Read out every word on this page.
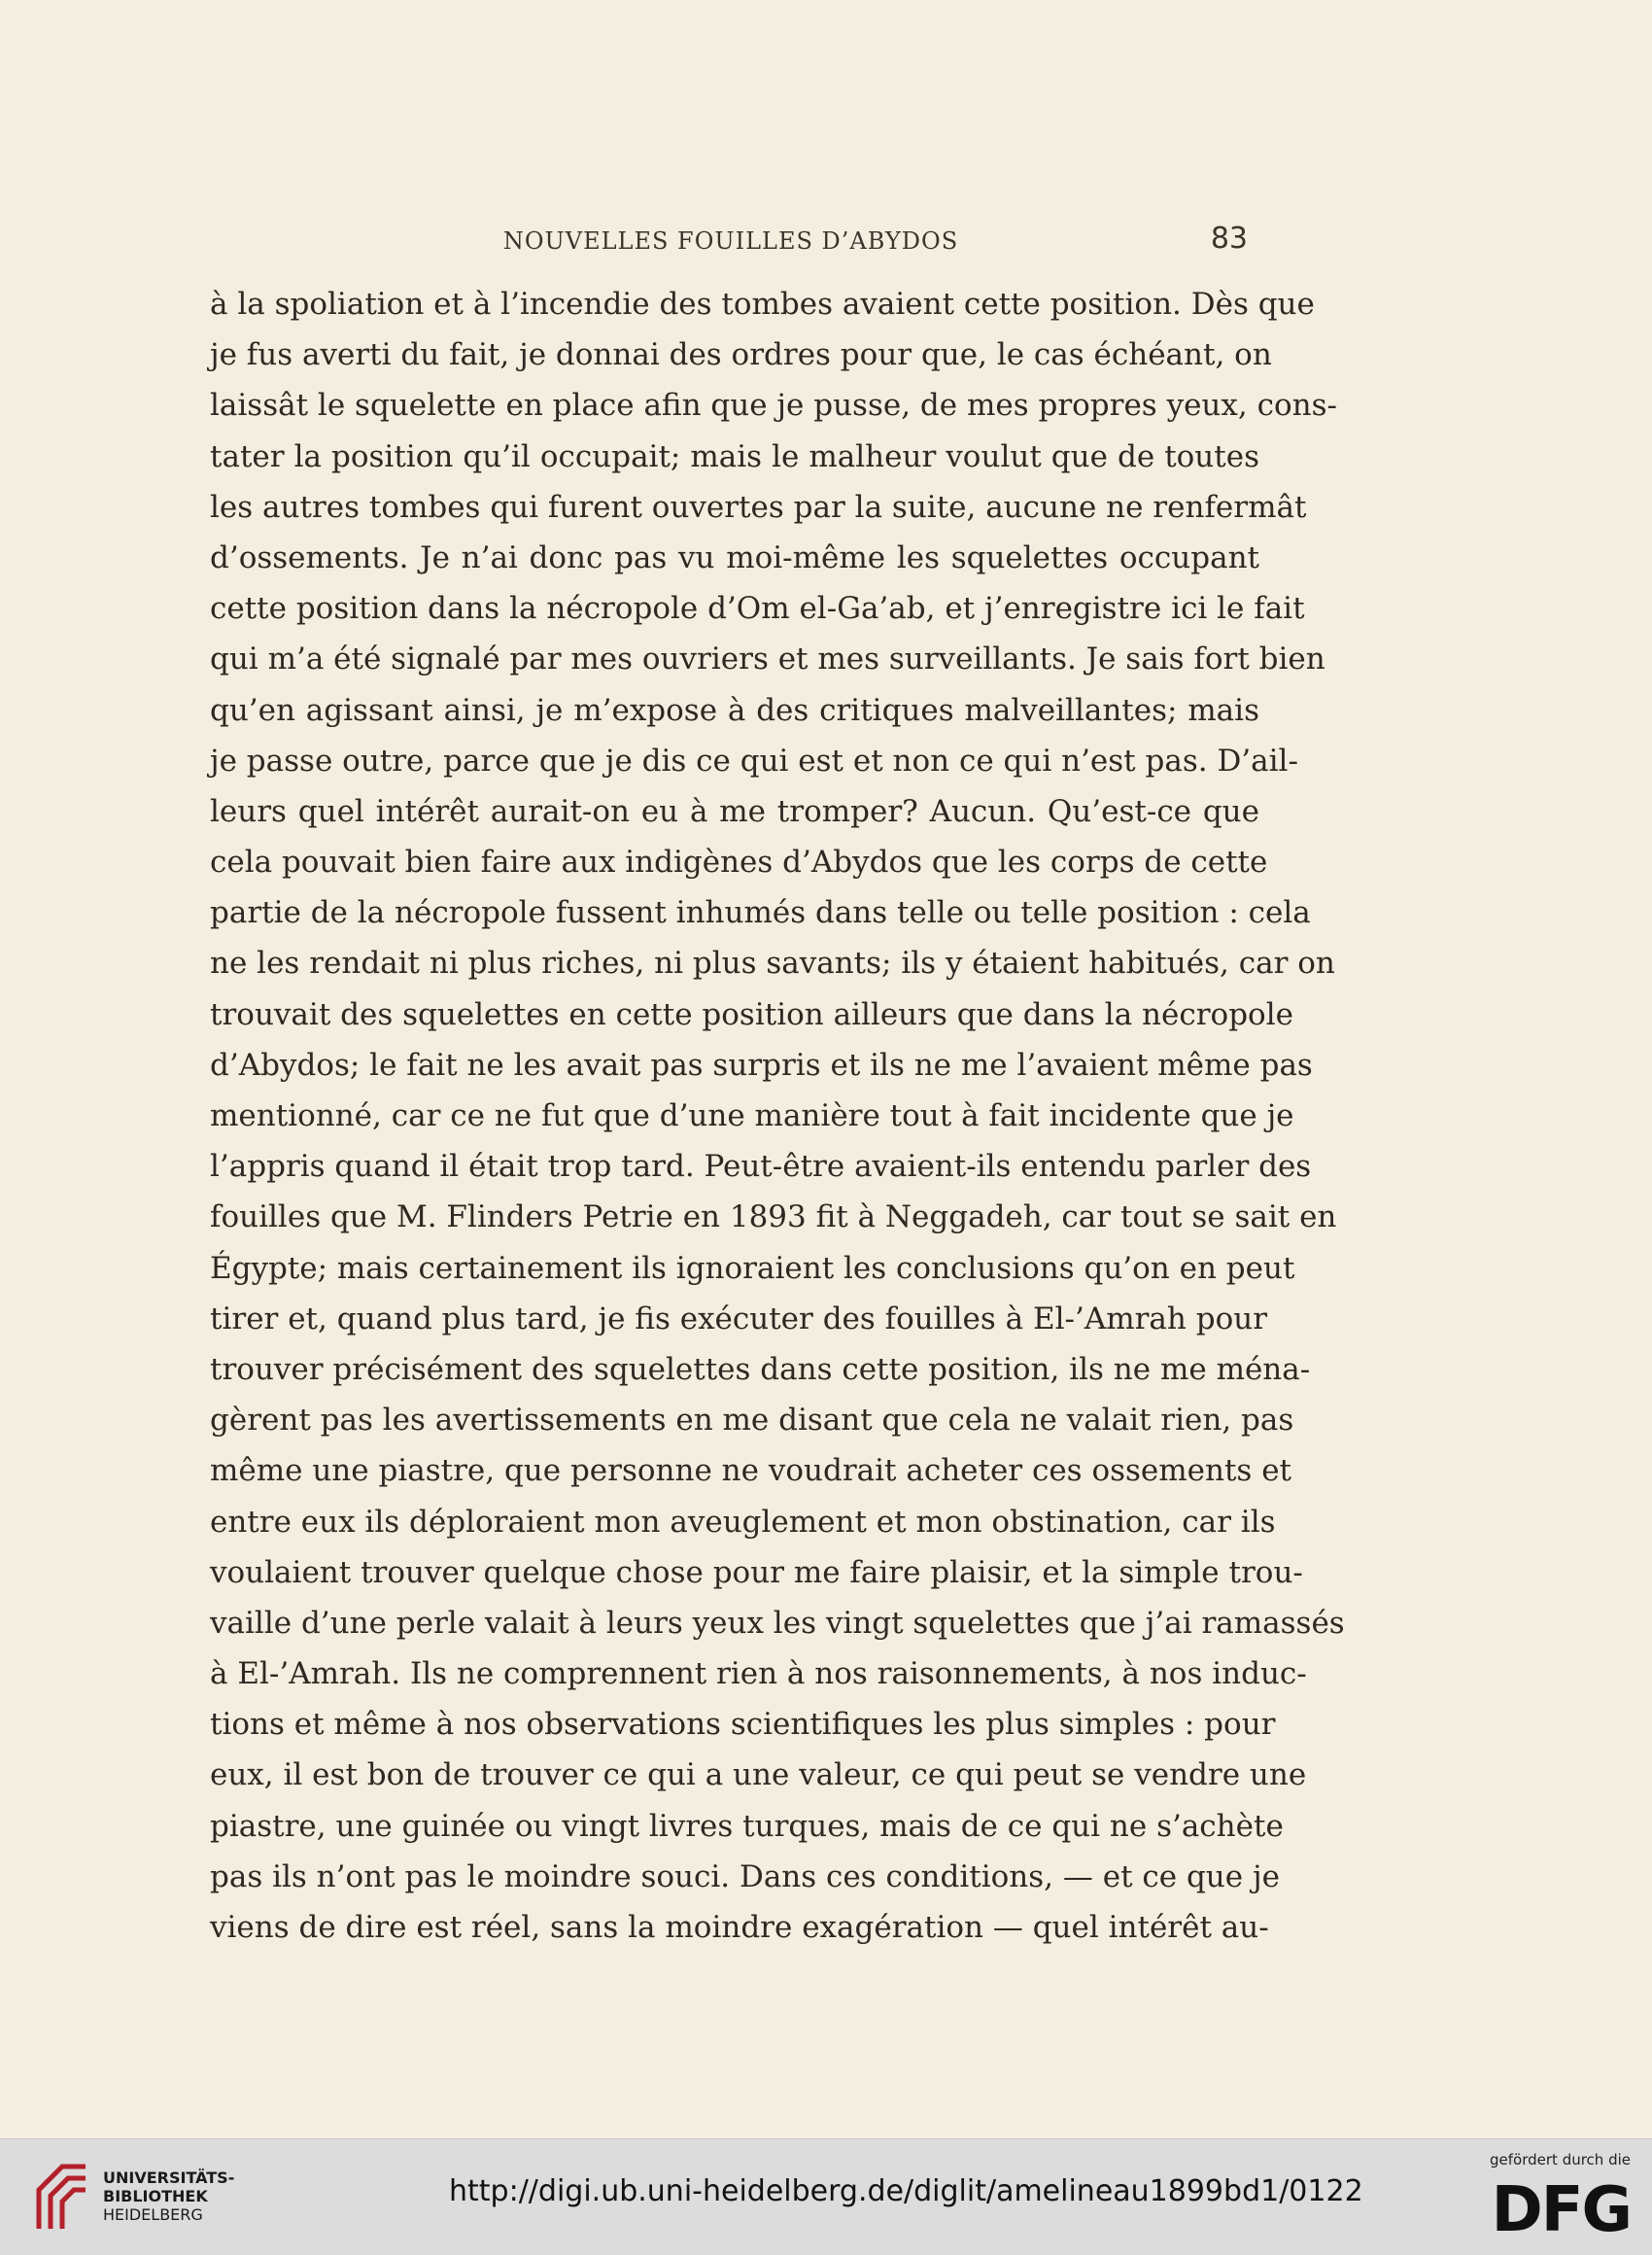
NOUVELLES FOUILLES D’ABYDOS	83
à la spoliation et à l’incendie des tombes avaient cette position. Dès que
je fus averti du fait, je donnai des ordres pour que, le cas échéant, on
laissât le squelette en place afin que je pusse, de mes propres yeux, cons-
tater la position qu’il occupait; mais le malheur voulut que de toutes
les autres tombes qui furent ouvertes par la suite, aucune ne renfermât
d’ossements. Je n’ai donc pas vu moi-même les squelettes occupant
cette position dans la nécropole d’Om el-Ga’ab, et j’enregistre ici le fait
qui m’a été signalé par mes ouvriers et mes surveillants. Je sais fort bien
qu’en agissant ainsi, je m’expose à des critiques malveillantes; mais
je passe outre, parce que je dis ce qui est et non ce qui n’est pas. D’ail-
leurs quel intérêt aurait-on eu à me tromper? Aucun. Qu’est-ce que
cela pouvait bien faire aux indigènes d’Abydos que les corps de cette
partie de la nécropole fussent inhumés dans telle ou telle position : cela
ne les rendait ni plus riches, ni plus savants; ils y étaient habitués, car on
trouvait des squelettes en cette position ailleurs que dans la nécropole
d’Abydos; le fait ne les avait pas surpris et ils ne me l’avaient même pas
mentionné, car ce ne fut que d’une manière tout à fait incidente que je
l’appris quand il était trop tard. Peut-être avaient-ils entendu parler des
fouilles que M. Flinders Petrie en 1893 fit à Neggadeh, car tout se sait en
Égypte; mais certainement ils ignoraient les conclusions qu’on en peut
tirer et, quand plus tard, je fis exécuter des fouilles à El-’Amrah pour
trouver précisément des squelettes dans cette position, ils ne me ména-
gèrent pas les avertissements en me disant que cela ne valait rien, pas
même une piastre, que personne ne voudrait acheter ces ossements et
entre eux ils déploraient mon aveuglement et mon obstination, car ils
voulaient trouver quelque chose pour me faire plaisir, et la simple trou-
vaille d’une perle valait à leurs yeux les vingt squelettes que j’ai ramassés
à El-’Amrah. Ils ne comprennent rien à nos raisonnements, à nos induc-
tions et même à nos observations scientifiques les plus simples : pour
eux, il est bon de trouver ce qui a une valeur, ce qui peut se vendre une
piastre, une guinée ou vingt livres turques, mais de ce qui ne s’achète
pas ils n’ont pas le moindre souci. Dans ces conditions, — et ce que je
viens de dire est réel, sans la moindre exagération — quel intérêt au-
UNIVERSITÄTS-
BIBLIOTHEK
HEIDELBERG
http://digi.ub.uni-heidelberg.de/diglit/amelineau1899bd1/0122
gefördert durch die
DFG
